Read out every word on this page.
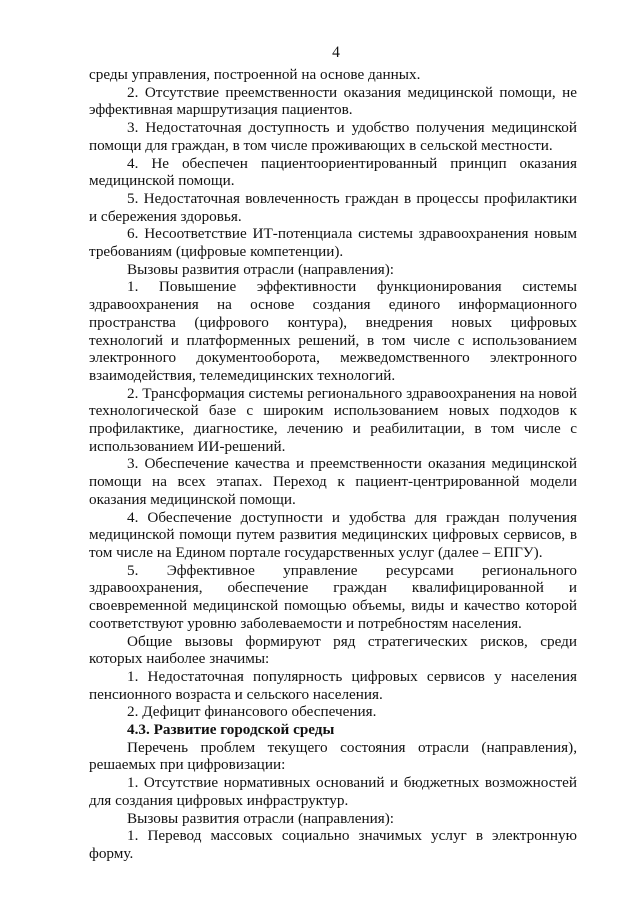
4

среды управления, построенной на основе данных.

2. Отсутствие преемственности оказания медицинской помощи, не эффективная маршрутизация пациентов.

3. Недостаточная доступность и удобство получения медицинской помощи для граждан, в том числе проживающих в сельской местности.

4. Не обеспечен пациентоориентированный принцип оказания медицинской помощи.

5. Недостаточная вовлеченность граждан в процессы профилактики и сбережения здоровья.

6. Несоответствие ИТ-потенциала системы здравоохранения новым требованиям (цифровые компетенции).

Вызовы развития отрасли (направления):

1. Повышение эффективности функционирования системы здравоохранения на основе создания единого информационного пространства (цифрового контура), внедрения новых цифровых технологий и платформенных решений, в том числе с использованием электронного документооборота, межведомственного электронного взаимодействия, телемедицинских технологий.

2. Трансформация системы регионального здравоохранения на новой технологической базе с широким использованием новых подходов к профилактике, диагностике, лечению и реабилитации, в том числе с использованием ИИ-решений.

3. Обеспечение качества и преемственности оказания медицинской помощи на всех этапах. Переход к пациент-центрированной модели оказания медицинской помощи.

4. Обеспечение доступности и удобства для граждан получения медицинской помощи путем развития медицинских цифровых сервисов, в том числе на Едином портале государственных услуг (далее – ЕПГУ).

5. Эффективное управление ресурсами регионального здравоохранения, обеспечение граждан квалифицированной и своевременной медицинской помощью объемы, виды и качество которой соответствуют уровню заболеваемости и потребностям населения.

Общие вызовы формируют ряд стратегических рисков, среди которых наиболее значимы:

1. Недостаточная популярность цифровых сервисов у населения пенсионного возраста и сельского населения.

2. Дефицит финансового обеспечения.

4.3. Развитие городской среды

Перечень проблем текущего состояния отрасли (направления), решаемых при цифровизации:

1. Отсутствие нормативных оснований и бюджетных возможностей для создания цифровых инфраструктур.

Вызовы развития отрасли (направления):

1. Перевод массовых социально значимых услуг в электронную форму.
